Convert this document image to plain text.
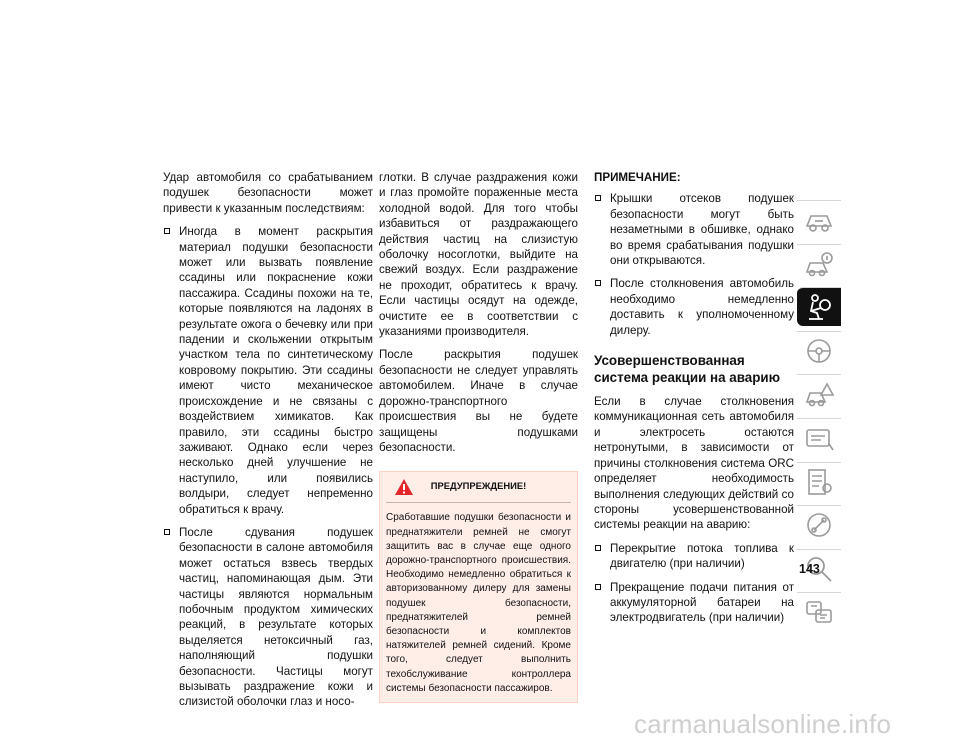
Удар автомобиля со срабатыванием подушек безопасности может привести к указанным последствиям:

Иногда в момент раскрытия материал подушки безопасности может или вызвать появление ссадины или покраснение кожи пассажира. Ссадины похожи на те, которые появляются на ладонях в результате ожога о бечевку или при падении и скольжении открытым участком тела по синтетическому ковровому покрытию. Эти ссадины имеют чисто механическое происхождение и не связаны с воздействием химикатов. Как правило, эти ссадины быстро заживают. Однако если через несколько дней улучшение не наступило, или появились волдыри, следует непременно обратиться к врачу.
После сдувания подушек безопасности в салоне автомобиля может остаться взвесь твердых частиц, напоминающая дым. Эти частицы являются нормальным побочным продуктом химических реакций, в результате которых выделяется нетоксичный газ, наполняющий подушки безопасности. Частицы могут вызывать раздражение кожи и слизистой оболочки глаз и носо-

глотки. В случае раздражения кожи и глаз промойте пораженные места холодной водой. Для того чтобы избавиться от раздражающего действия частиц на слизистую оболочку носоглотки, выйдите на свежий воздух. Если раздражение не проходит, обратитесь к врачу. Если частицы осядут на одежде, очистите ее в соответствии с указаниями производителя.

После раскрытия подушек безопасности не следует управлять автомобилем. Иначе в случае дорожно-транспортного происшествия вы не будете защищены подушками безопасности.

ПРЕДУПРЕЖДЕНИЕ!
Сработавшие подушки безопасности и преднатяжители ремней не смогут защитить вас в случае еще одного дорожно-транспортного происшествия. Необходимо немедленно обратиться к авторизованному дилеру для замены подушек безопасности, преднатяжителей ремней безопасности и комплектов натяжителей ремней сидений. Кроме того, следует выполнить техобслуживание контроллера системы безопасности пассажиров.
ПРИМЕЧАНИЕ:
Крышки отсеков подушек безопасности могут быть незаметными в обшивке, однако во время срабатывания подушки они открываются.
После столкновения автомобиль необходимо немедленно доставить к уполномоченному дилеру.
Усовершенствованная система реакции на аварию

Если в случае столкновения коммуникационная сеть автомобиля и электросеть остаются нетронутыми, в зависимости от причины столкновения система ORC определяет необходимость выполнения следующих действий со стороны усовершенствованной системы реакции на аварию:

Перекрытие потока топлива к двигателю (при наличии)
Прекращение подачи питания от аккумуляторной батареи на электродвигатель (при наличии)
143
carmanualsonline.info
